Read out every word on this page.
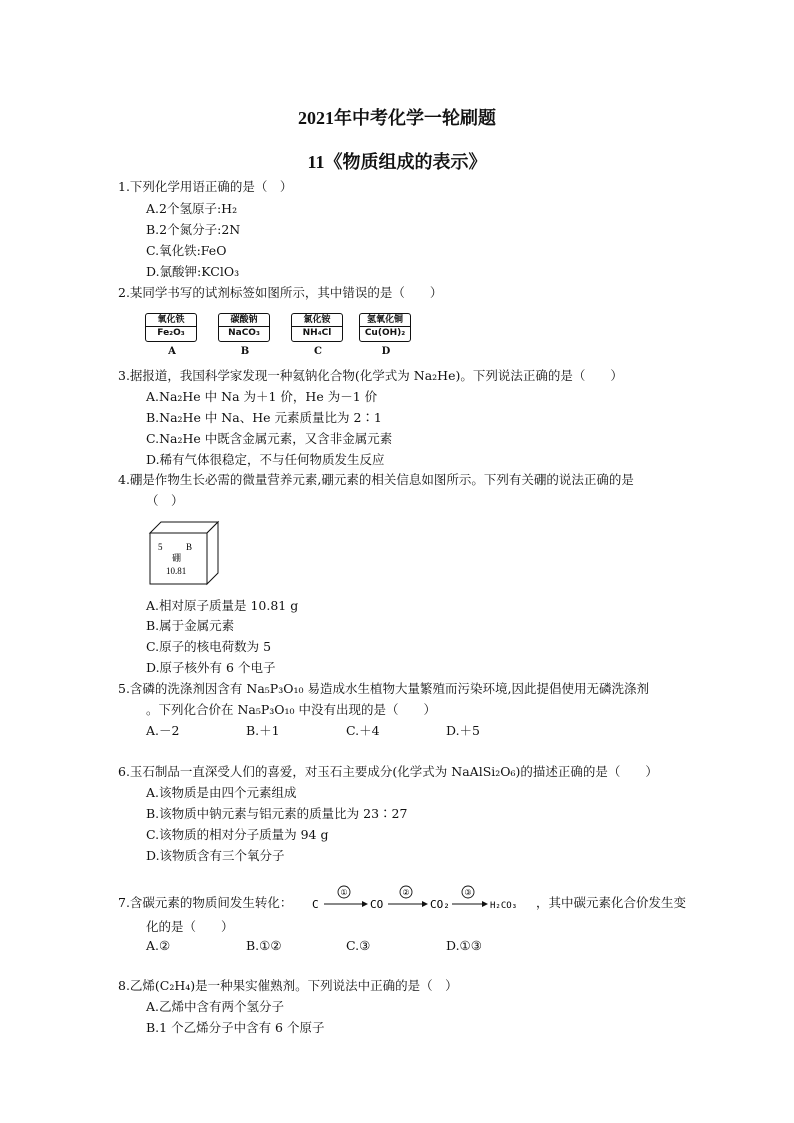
2021年中考化学一轮刷题
11《物质组成的表示》
1.下列化学用语正确的是（　）
A.2个氢原子:H₂
B.2个氮分子:2N
C.氧化铁:FeO
D.氯酸钾:KClO₃
2.某同学书写的试剂标签如图所示，其中错误的是（　　）
氧化铁
Fe₂O₃
A
碳酸钠
NaCO₃
B
氯化铵
NH₄Cl
C
氢氧化铜
Cu(OH)₂
D
3.据报道，我国科学家发现一种氦钠化合物(化学式为 Na₂He)。下列说法正确的是（　　）
A.Na₂He 中 Na 为＋1 价，He 为－1 价
B.Na₂He 中 Na、He 元素质量比为 2∶1
C.Na₂He 中既含金属元素，又含非金属元素
D.稀有气体很稳定，不与任何物质发生反应
4.硼是作物生长必需的微量营养元素,硼元素的相关信息如图所示。下列有关硼的说法正确的是
（　）
5	B
硼
10.81
A.相对原子质量是 10.81 g
B.属于金属元素
C.原子的核电荷数为 5
D.原子核外有 6 个电子
5.含磷的洗涤剂因含有 Na₅P₃O₁₀ 易造成水生植物大量繁殖而污染环境,因此提倡使用无磷洗涤剂
。下列化合价在 Na₅P₃O₁₀ 中没有出现的是（　　）
A.－2	B.＋1	C.＋4	D.＋5
6.玉石制品一直深受人们的喜爱，对玉石主要成分(化学式为 NaAlSi₂O₆)的描述正确的是（　　）
A.该物质是由四个元素组成
B.该物质中钠元素与铝元素的质量比为 23∶27
C.该物质的相对分子质量为 94 g
D.该物质含有三个氧分子
7.含碳元素的物质间发生转化： C
①
CO
②
CO₂
③
H₂CO₃ ，其中碳元素化合价发生变
化的是（　　）
A.②	B.①②	C.③	D.①③
8.乙烯(C₂H₄)是一种果实催熟剂。下列说法中正确的是（　）
A.乙烯中含有两个氢分子
B.1 个乙烯分子中含有 6 个原子
